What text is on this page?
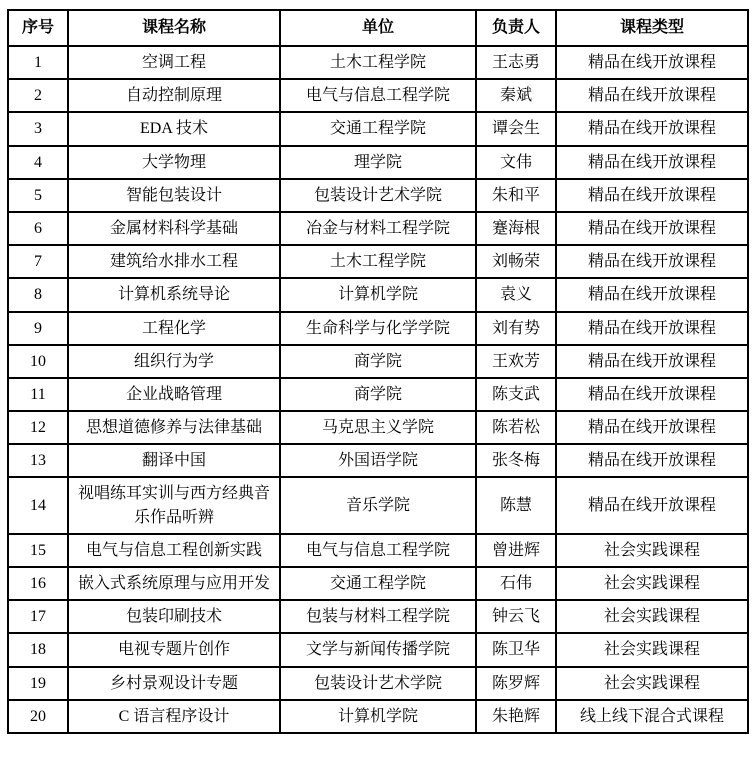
序号	课程名称	单位	负责人	课程类型
1	空调工程	土木工程学院	王志勇	精品在线开放课程
2	自动控制原理	电气与信息工程学院	秦斌	精品在线开放课程
3	EDA 技术	交通工程学院	谭会生	精品在线开放课程
4	大学物理	理学院	文伟	精品在线开放课程
5	智能包装设计	包装设计艺术学院	朱和平	精品在线开放课程
6	金属材料科学基础	冶金与材料工程学院	蹇海根	精品在线开放课程
7	建筑给水排水工程	土木工程学院	刘畅荣	精品在线开放课程
8	计算机系统导论	计算机学院	袁义	精品在线开放课程
9	工程化学	生命科学与化学学院	刘有势	精品在线开放课程
10	组织行为学	商学院	王欢芳	精品在线开放课程
11	企业战略管理	商学院	陈支武	精品在线开放课程
12	思想道德修养与法律基础	马克思主义学院	陈若松	精品在线开放课程
13	翻译中国	外国语学院	张冬梅	精品在线开放课程
14	视唱练耳实训与西方经典音乐作品听辨	音乐学院	陈慧	精品在线开放课程
15	电气与信息工程创新实践	电气与信息工程学院	曾进辉	社会实践课程
16	嵌入式系统原理与应用开发	交通工程学院	石伟	社会实践课程
17	包装印刷技术	包装与材料工程学院	钟云飞	社会实践课程
18	电视专题片创作	文学与新闻传播学院	陈卫华	社会实践课程
19	乡村景观设计专题	包装设计艺术学院	陈罗辉	社会实践课程
20	C 语言程序设计	计算机学院	朱艳辉	线上线下混合式课程
